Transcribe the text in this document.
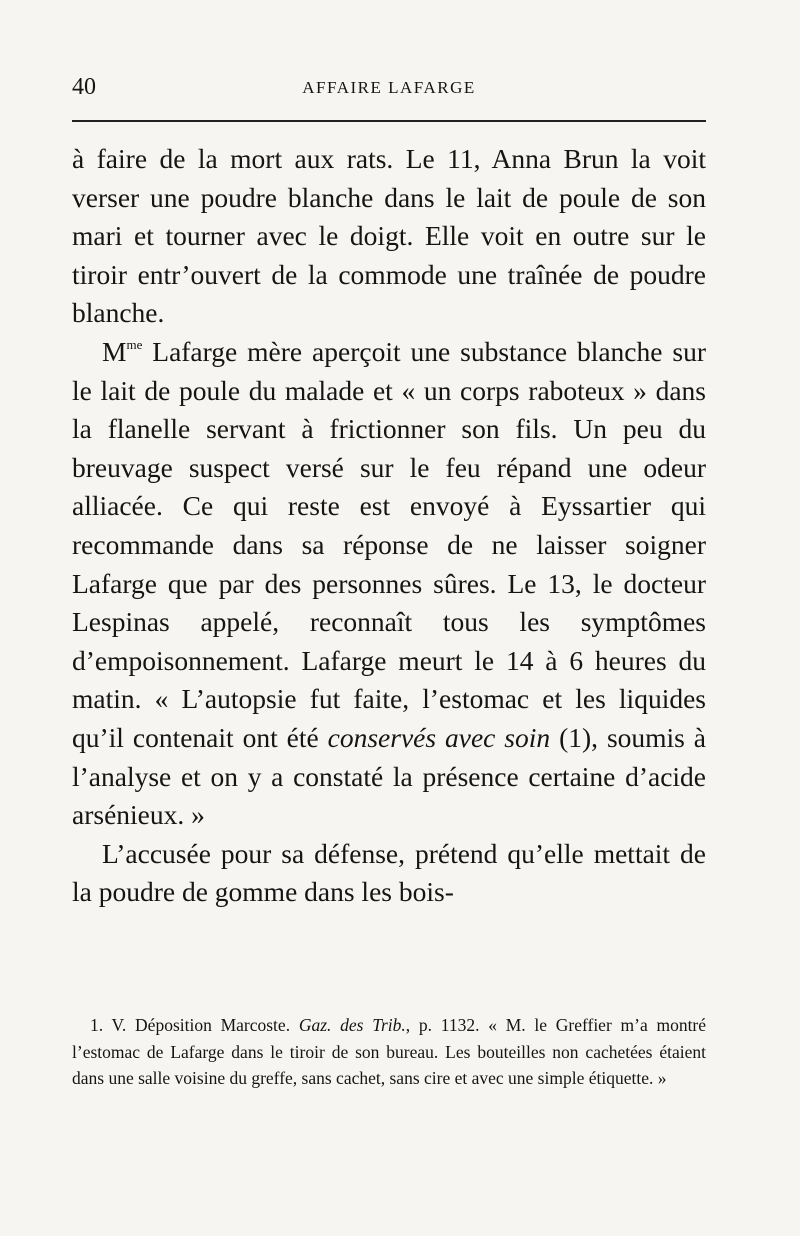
40	AFFAIRE LAFARGE

à faire de la mort aux rats. Le 11, Anna Brun la voit verser une poudre blanche dans le lait de poule de son mari et tourner avec le doigt. Elle voit en outre sur le tiroir entr’ouvert de la commode une traînée de poudre blanche.

$M^{me}$ Lafarge mère aperçoit une substance blanche sur le lait de poule du malade et « un corps raboteux » dans la flanelle servant à frictionner son fils. Un peu du breuvage suspect versé sur le feu répand une odeur alliacée. Ce qui reste est envoyé à Eyssartier qui recommande dans sa réponse de ne laisser soigner Lafarge que par des personnes sûres. Le 13, le docteur Lespinas appelé, reconnaît tous les symptômes d’empoisonnement. Lafarge meurt le 14 à 6 heures du matin. « L’autopsie fut faite, l’estomac et les liquides qu’il contenait ont été conservés avec soin (1), soumis à l’analyse et on y a constaté la présence certaine d’acide arsénieux. »

L’accusée pour sa défense, prétend qu’elle mettait de la poudre de gomme dans les bois-

1. V. Déposition Marcoste. Gaz. des Trib., p. 1132. « M. le Greffier m’a montré l’estomac de Lafarge dans le tiroir de son bureau. Les bouteilles non cachetées étaient dans une salle voisine du greffe, sans cachet, sans cire et avec une simple étiquette. »
